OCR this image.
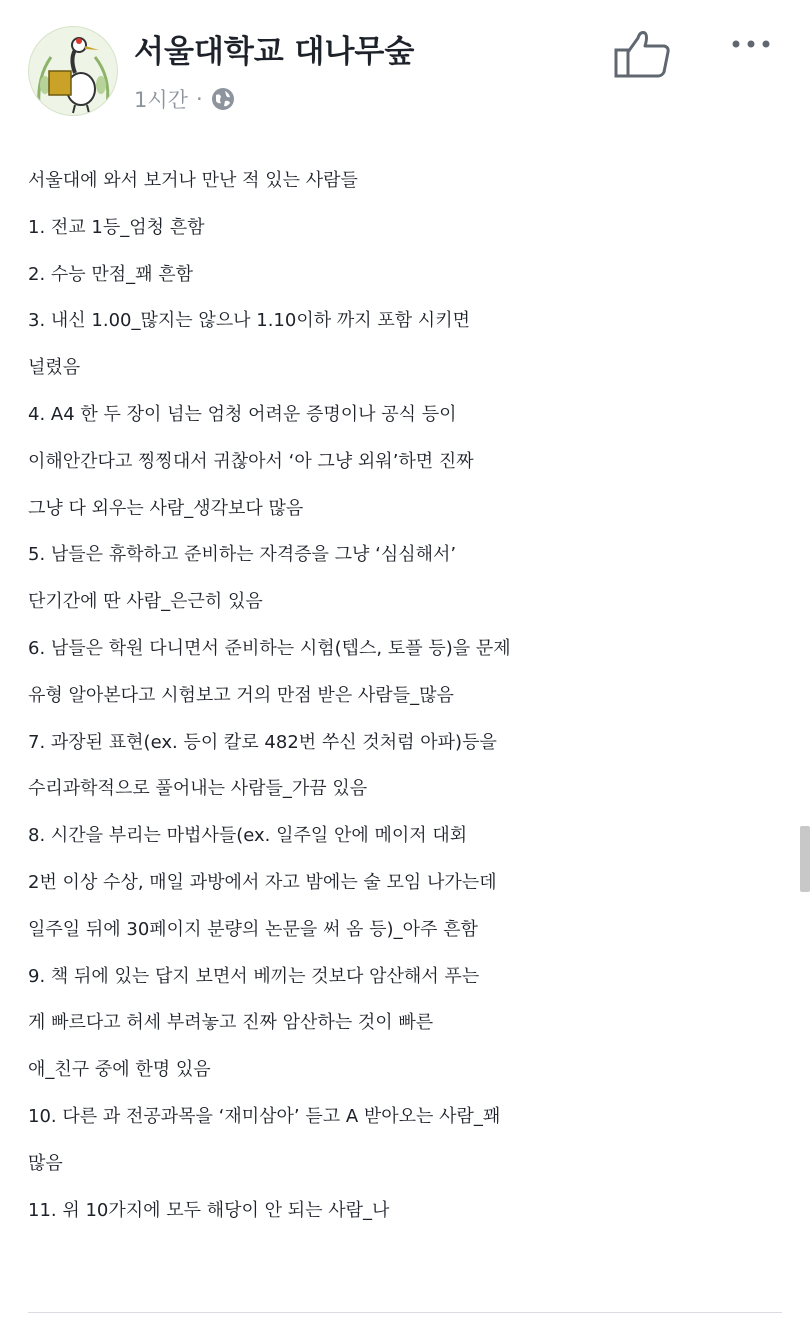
서울대학교 대나무숲
1시간 ·
서울대에 와서 보거나 만난 적 있는 사람들
1. 전교 1등_엄청 흔함
2. 수능 만점_꽤 흔함
3. 내신 1.00_많지는 않으나 1.10이하 까지 포함 시키면
널렸음
4. A4 한 두 장이 넘는 엄청 어려운 증명이나 공식 등이
이해안간다고 찡찡대서 귀찮아서 ‘아 그냥 외워’하면 진짜
그냥 다 외우는 사람_생각보다 많음
5. 남들은 휴학하고 준비하는 자격증을 그냥 ‘심심해서’
단기간에 딴 사람_은근히 있음
6. 남들은 학원 다니면서 준비하는 시험(텝스, 토플 등)을 문제
유형 알아본다고 시험보고 거의 만점 받은 사람들_많음
7. 과장된 표현(ex. 등이 칼로 482번 쑤신 것처럼 아파)등을
수리과학적으로 풀어내는 사람들_가끔 있음
8. 시간을 부리는 마법사들(ex. 일주일 안에 메이저 대회
2번 이상 수상, 매일 과방에서 자고 밤에는 술 모임 나가는데
일주일 뒤에 30페이지 분량의 논문을 써 옴 등)_아주 흔함
9. 책 뒤에 있는 답지 보면서 베끼는 것보다 암산해서 푸는
게 빠르다고 허세 부려놓고 진짜 암산하는 것이 빠른
애_친구 중에 한명 있음
10. 다른 과 전공과목을 ‘재미삼아’ 듣고 A 받아오는 사람_꽤
많음
11. 위 10가지에 모두 해당이 안 되는 사람_나
